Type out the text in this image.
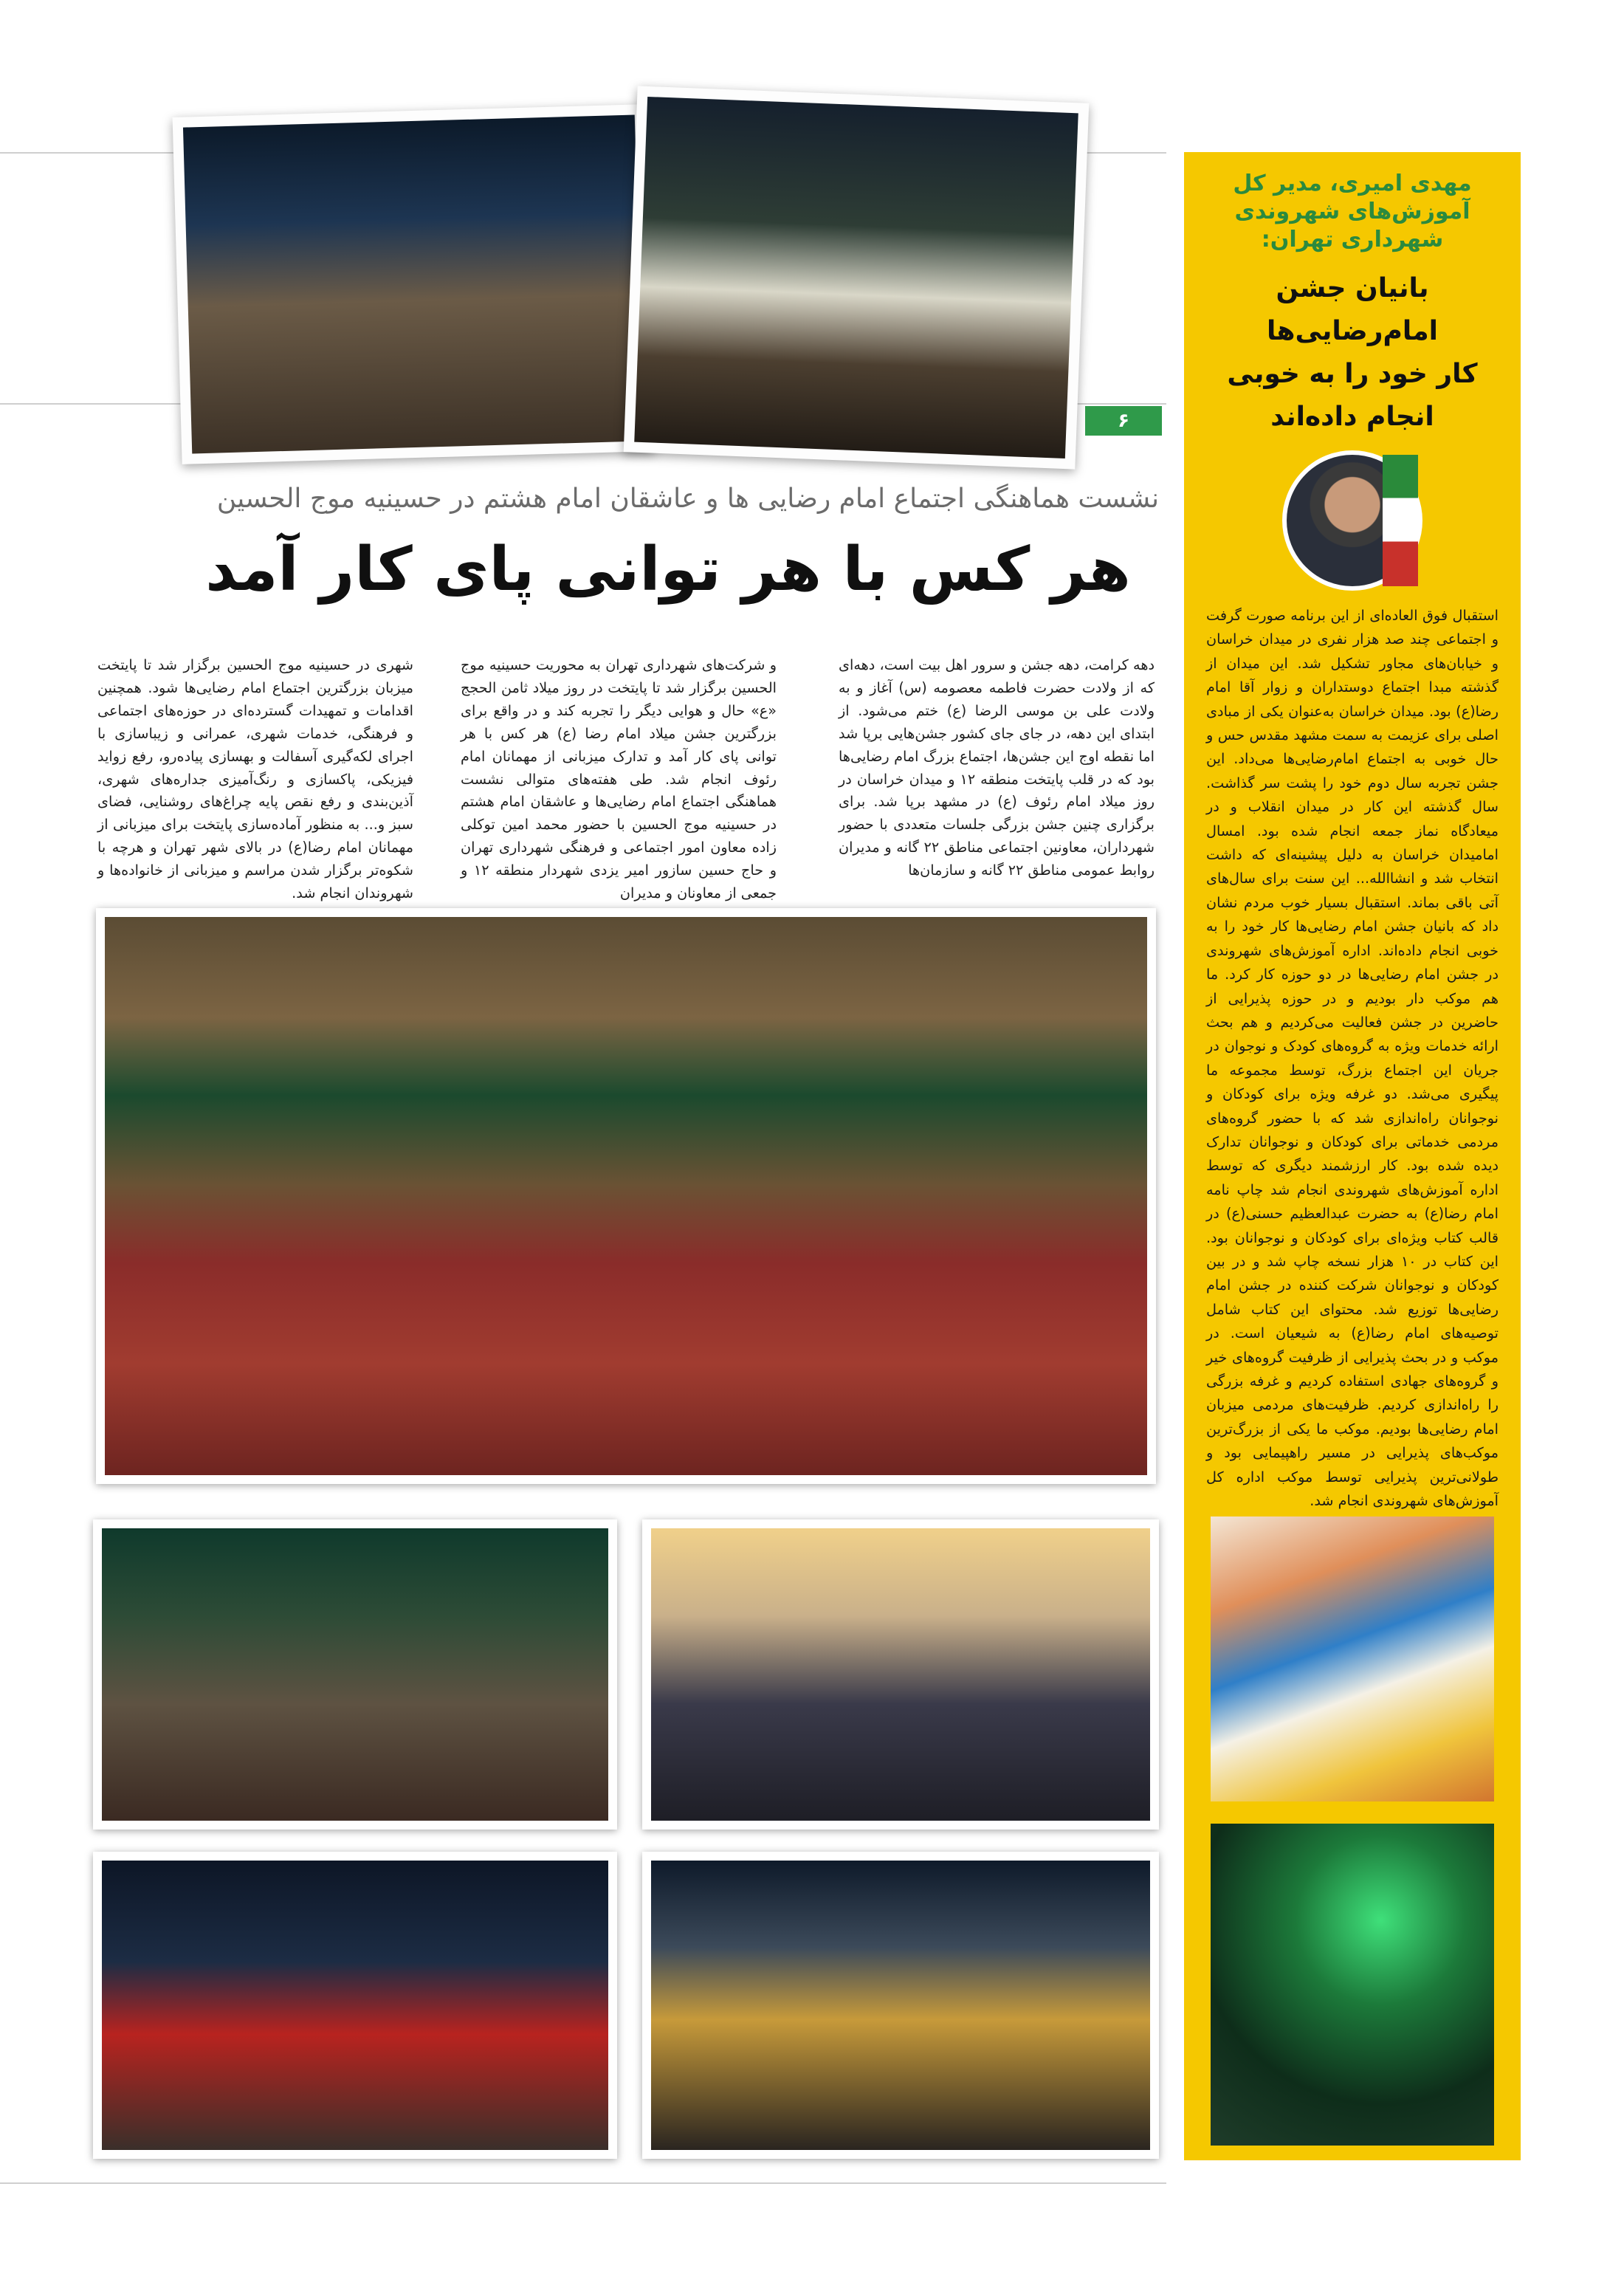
۶
نشست هماهنگی اجتماع امام رضایی ها و عاشقان امام هشتم در حسینیه موج الحسین
هر کس با هر توانی پای کار آمد
دهه کرامت، دهه جشن و سرور اهل بیت است، دهه‌ای که از ولادت حضرت فاطمه معصومه (س) آغاز و به ولادت علی بن موسی الرضا (ع) ختم می‌شود. از ابتدای این دهه، در جای جای کشور جشن‌هایی برپا شد اما نقطه اوج این جشن‌ها، اجتماع بزرگ امام رضایی‌ها بود که در قلب پایتخت منطقه ۱۲ و میدان خراسان در روز میلاد امام رئوف (ع) در مشهد برپا شد. برای برگزاری چنین جشن بزرگی جلسات متعددی با حضور شهرداران، معاونین اجتماعی مناطق ۲۲ گانه و مدیران روابط عمومی مناطق ۲۲ گانه و سازمان‌ها
و شرکت‌های شهرداری تهران به محوریت حسینیه موج الحسین برگزار شد تا پایتخت در روز میلاد ثامن الحجج «ع» حال و هوایی دیگر را تجربه کند و در واقع برای بزرگترین جشن میلاد امام رضا (ع) هر کس با هر توانی پای کار آمد و تدارک میزبانی از مهمانان امام رئوف انجام شد. طی هفته‌های متوالی نشست هماهنگی اجتماع امام رضایی‌ها و عاشقان امام هشتم در حسینیه موج الحسین با حضور محمد امین توکلی زاده معاون امور اجتماعی و فرهنگی شهرداری تهران و حاج حسین سازور امیر یزدی شهردار منطقه ۱۲ و جمعی از معاونان و مدیران
شهری در حسینیه موج الحسین برگزار شد تا پایتخت میزبان بزرگترین اجتماع امام رضایی‌ها شود. همچنین اقدامات و تمهیدات گسترده‌ای در حوزه‌های اجتماعی و فرهنگی، خدمات شهری، عمرانی و زیباسازی با اجرای لکه‌گیری آسفالت و بهسازی پیاده‌رو، رفع زواید فیزیکی، پاکسازی و رنگ‌آمیزی جداره‌های شهری، آذین‌بندی و رفع نقص پایه چراغ‌های روشنایی، فضای سبز و... به منظور آماده‌سازی پایتخت برای میزبانی از مهمانان امام رضا(ع) در بالای شهر تهران و هرچه با شکوه‌تر برگزار شدن مراسم و میزبانی از خانواده‌ها و شهروندان انجام شد.
مهدی امیری، مدیر کل
آموزش‌های شهروندی
شهرداری تهران:
بانیان جشن امام‌رضایی‌ها
کار خود را به خوبی
انجام داده‌اند
استقبال فوق العاده‌ای از این برنامه صورت گرفت و اجتماعی چند صد هزار نفری در میدان خراسان و خیابان‌های مجاور تشکیل شد. این میدان از گذشته مبدا اجتماع دوستداران و زوار آقا امام رضا(ع) بود. میدان خراسان به‌عنوان یکی از مبادی اصلی برای عزیمت به سمت مشهد مقدس حس و حال خوبی به اجتماع امام‌رضایی‌ها می‌داد. این جشن تجربه سال دوم خود را پشت سر گذاشت. سال گذشته این کار در میدان انقلاب و در میعادگاه نماز جمعه انجام شده بود. امسال امامیدان خراسان به دلیل پیشینه‌ای که داشت انتخاب شد و انشاالله... این سنت برای سال‌های آتی باقی بماند. استقبال بسیار خوب مردم نشان داد که بانیان جشن امام رضایی‌ها کار خود را به خوبی انجام داده‌اند. اداره آموزش‌های شهروندی در جشن امام رضایی‌ها در دو حوزه کار کرد. ما هم موکب دار بودیم و در حوزه پذیرایی از حاضرین در جشن فعالیت می‌کردیم و هم بحث ارائه خدمات ویژه به گروه‌های کودک و نوجوان در جریان این اجتماع بزرگ، توسط مجموعه ما پیگیری می‌شد. دو غرفه ویژه برای کودکان و نوجوانان راه‌اندازی شد که با حضور گروه‌های مردمی خدماتی برای کودکان و نوجوانان تدارک دیده شده بود. کار ارزشمند دیگری که توسط اداره آموزش‌های شهروندی انجام شد چاپ نامه امام رضا(ع) به حضرت عبدالعظیم حسنی(ع) در قالب کتاب ویژه‌ای برای کودکان و نوجوانان بود. این کتاب در ۱۰ هزار نسخه چاپ شد و در بین کودکان و نوجوانان شرکت کننده در جشن امام رضایی‌ها توزیع شد. محتوای این کتاب شامل توصیه‌های امام رضا(ع) به شیعیان است. در موکب و در بحث پذیرایی از ظرفیت گروه‌های خیر و گروه‌های جهادی استفاده کردیم و غرفه بزرگی را راه‌اندازی کردیم. ظرفیت‌های مردمی میزبان امام رضایی‌ها بودیم. موکب ما یکی از بزرگ‌ترین موکب‌های پذیرایی در مسیر راهپیمایی بود و طولانی‌ترین پذیرایی توسط موکب اداره کل آموزش‌های شهروندی انجام شد.
